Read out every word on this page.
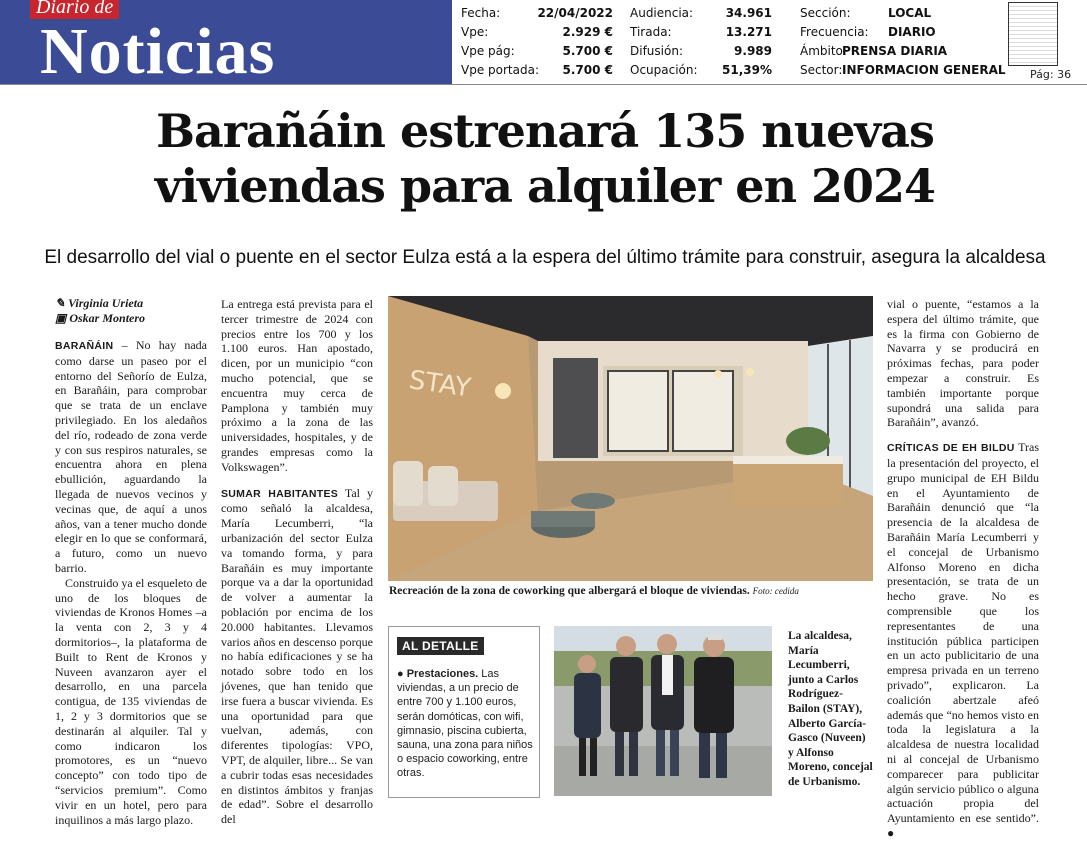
Diario de
Noticias
Fecha:	22/04/2022
Vpe:	2.929 €
Vpe pág:	5.700 €
Vpe portada: 5.700 €
Audiencia:	34.961
Tirada:	13.271
Difusión:	9.989
Ocupación: 51,39%
Sección:	LOCAL
Frecuencia: DIARIO
Ámbito:
PRENSA DIARIA
Sector: INFORMACION GENERAL Pág: 36
Barañáin estrenará 135 nuevas
viviendas para alquiler en 2024
El desarrollo del vial o puente en el sector Eulza está a la espera del último trámite para construir, asegura la alcaldesa
✎ Virginia Urieta
▣ Oskar Montero

BARAÑÁIN – No hay nada como darse un paseo por el entorno del Señorío de Eulza, en Barañáin, para comprobar que se trata de un enclave privilegiado. En los aledaños del río, rodeado de zona verde y con sus respiros naturales, se encuentra ahora en plena ebullición, aguardando la llegada de nuevos vecinos y vecinas que, de aquí a unos años, van a tener mucho donde elegir en lo que se conformará, a futuro, como un nuevo barrio.

Construido ya el esqueleto de uno de los bloques de viviendas de Kronos Homes –a la venta con 2, 3 y 4 dormitorios–, la plataforma de Built to Rent de Kronos y Nuveen avanzaron ayer el desarrollo, en una parcela contigua, de 135 viviendas de 1, 2 y 3 dormitorios que se destinarán al alquiler. Tal y como indicaron los promotores, es un “nuevo concepto” con todo tipo de “servicios premium”. Como vivir en un hotel, pero para inquilinos a más largo plazo.

La entrega está prevista para el tercer trimestre de 2024 con precios entre los 700 y los 1.100 euros. Han apostado, dicen, por un municipio “con mucho potencial, que se encuentra muy cerca de Pamplona y también muy próximo a la zona de las universidades, hospitales, y de grandes empresas como la Volkswagen”.

SUMAR HABITANTES Tal y como señaló la alcaldesa, María Lecumberri, “la urbanización del sector Eulza va tomando forma, y para Barañáin es muy importante porque va a dar la oportunidad de volver a aumentar la población por encima de los 20.000 habitantes. Llevamos varios años en descenso porque no había edificaciones y se ha notado sobre todo en los jóvenes, que han tenido que irse fuera a buscar vivienda. Es una oportunidad para que vuelvan, además, con diferentes tipologías: VPO, VPT, de alquiler, libre... Se van a cubrir todas esas necesidades en distintos ámbitos y franjas de edad”. Sobre el desarrollo del

vial o puente, “estamos a la espera del último trámite, que es la firma con Gobierno de Navarra y se producirá en próximas fechas, para poder empezar a construir. Es también importante porque supondrá una salida para Barañáin”, avanzó.

CRÍTICAS DE EH BILDU Tras la presentación del proyecto, el grupo municipal de EH Bildu en el Ayuntamiento de Barañáin denunció que “la presencia de la alcaldesa de Barañáin María Lecumberri y el concejal de Urbanismo Alfonso Moreno en dicha presentación, se trata de un hecho grave. No es comprensible que los representantes de una institución pública participen en un acto publicitario de una empresa privada en un terreno privado”, explicaron. La coalición abertzale afeó además que “no hemos visto en toda la legislatura a la alcaldesa de nuestra localidad ni al concejal de Urbanismo comparecer para publicitar algún servicio público o alguna actuación propia del Ayuntamiento en ese sentido”. ●

STAY
Recreación de la zona de coworking que albergará el bloque de viviendas. Foto: cedida
AL DETALLE
● Prestaciones. Las viviendas, a un precio de entre 700 y 1.100 euros, serán domóticas, con wifi, gimnasio, piscina cubierta, sauna, una zona para niños o espacio coworking, entre otras.
La alcaldesa, María Lecumberri, junto a Carlos Rodríguez-Bailon (STAY), Alberto García-Gasco (Nuveen) y Alfonso Moreno, concejal de Urbanismo.
